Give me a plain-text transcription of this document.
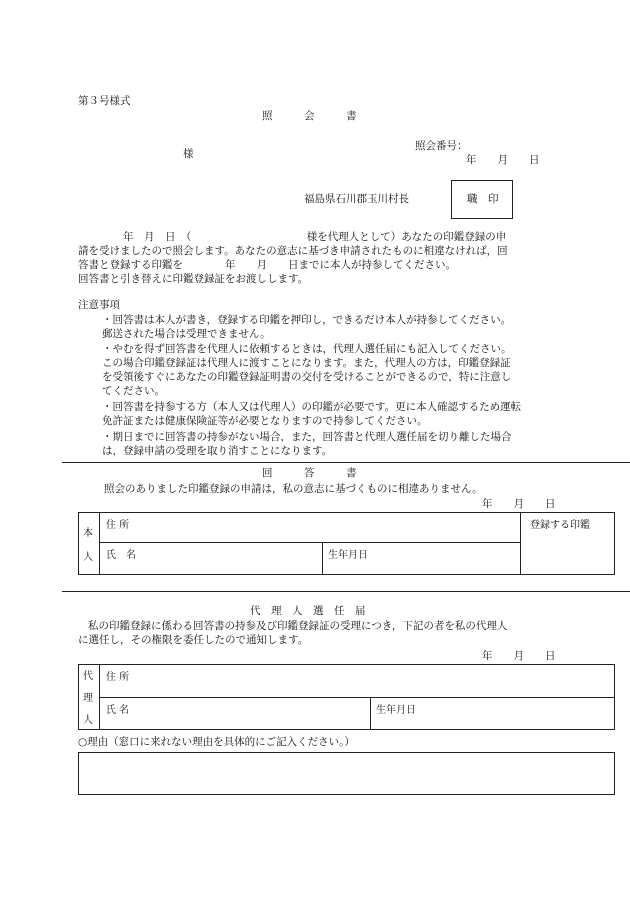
第３号様式
照　　　会　　　書
様
照会番号：
年　　月　　日
福島県石川郡玉川村長	職　印
年　月　日　（　　　　　　　　　　　様を代理人として）あなたの印鑑登録の申
請を受けましたので照会します。あなたの意志に基づき申請されたものに相違なければ，回
答書と登録する印鑑を　　　　年　　月　　日までに本人が持参してください。
回答書と引き替えに印鑑登録証をお渡しします。
注意事項
・回答書は本人が書き，登録する印鑑を押印し，できるだけ本人が持参してください。
郵送された場合は受理できません。
・やむを得ず回答書を代理人に依頼するときは，代理人選任届にも記入してください。
この場合印鑑登録証は代理人に渡すことになります。また，代理人の方は，印鑑登録証
を受領後すぐにあなたの印鑑登録証明書の交付を受けることができるので，特に注意し
てください。
・回答書を持参する方（本人又は代理人）の印鑑が必要です。更に本人確認するため運転
免許証または健康保険証等が必要となりますので持参してください。
・期日までに回答書の持参がない場合，また，回答書と代理人選任届を切り離した場合
は，登録申請の受理を取り消すことになります。
回　　　答　　　書
照会のありました印鑑登録の申請は，私の意志に基づくものに相違ありません。
年　　月　　日
本
人
住 所
氏　名	生年月日
登録する印鑑
代　理　人　選　任　届
私の印鑑登録に係わる回答書の持参及び印鑑登録証の受理につき，下記の者を私の代理人
に選任し，その権限を委任したので通知します。
年　　月　　日
代
理
人
住 所
氏 名	生年月日
○理由（窓口に来れない理由を具体的にご記入ください。）
